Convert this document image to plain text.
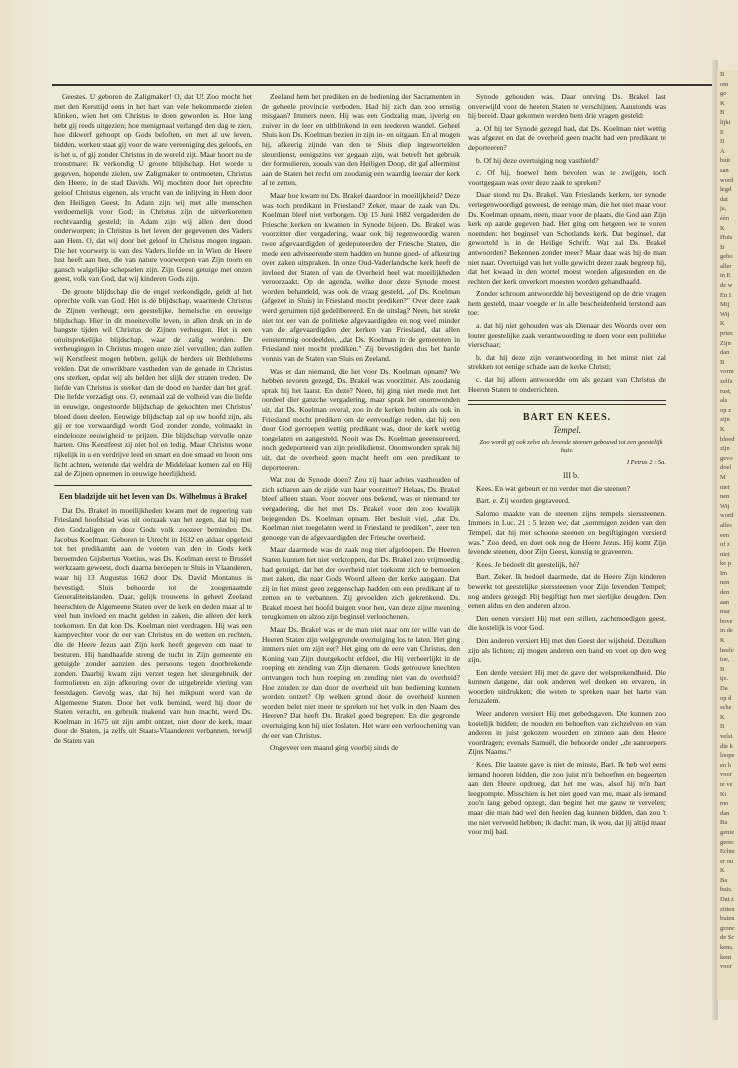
Geestes. U geboren de Zaligmaker! O, dat U! Zoo mocht het met den Kersttijd eens in het hart van vele bekommerde zielen klinken, wien het om Christus te doen geworden is. Hoe lang hebt gij reeds uitgezien; hoe menigmaal verlangd den dag te zien, hoe dikwerf gehoopt op Gods beloften, en met al uw leven, bidden, werken staat gij voor de ware vereeniging des geloofs, en is het u, of gij zonder Christus in de wereld zijt. Maar hoort nu de troostmare: Ik verkondig U groote blijdschap. Het worde u gegeven, hopende zielen, uw Zaligmaker te ontmoeten, Christus den Heere, in de stad Davids. Wij mochten door het oprechte geloof Christus eigenen, als vrucht van de inlijving in Hem door den Heiligen Geest. In Adam zijn wij met alle menschen verdoemelijk voor God; in Christus zijn de uitverkorenen rechtvaardig gesteld; in Adam zijn wij allen den dood onderworpen; in Christus is het leven der gegevenen des Vaders aan Hem. O, dat wij door het geloof in Christus mogen ingaan. Die het voorwerp is van des Vaders liefde en in Wien de Heere lust heeft aan hen, die van nature voorwerpen van Zijn toorn en gansch walgelijke schepselen zijn. Zijn Geest getuige met onzen geest, volk van God, dat wij kinderen Gods zijn.

De groote blijdschap die de engel verkondigde, geldt al het oprechte volk van God. Het is de blijdschap, waarmede Christus de Zijnen verheugt; een geestelijke, hemelsche en eeuwige blijdschap. Hier in dit moeitevolle leven, in allen druk en in de bangste tijden wil Christus de Zijnen verheugen. Het is een onuitsprekelijke blijdschap, waar de zalig worden. De verheugingen in Christus mogen onze ziel vervullen; dan zullen wij Kerstfeest mogen hebben, gelijk de herders uit Bethlehems velden. Dat de onwrikbare vastheden van de genade in Christus ons sterken, opdat wij als helden het slijk der straten treden. De liefde van Christus is sterker dan de dood en harder dan het graf. Die liefde verzadigt ons. O, eenmaal zal de volheid van die liefde in eeuwige, ongestoorde blijdschap de gekochten met Christus' bloed doen deelen. Eeuwige blijdschap zal op uw hoofd zijn, als gij er toe verwaardigd wordt God zonder zonde, volmaakt in eindelooze eeuwigheid te prijzen. Die blijdschap vervulle onze harten. Ons Kerstfeest zij niet hol en ledig. Maar Christus wone rijkelijk in u en verdrijve leed en smart en doe smaad en hoon ons licht achten, wetende dat weldra de Middelaar komen zal en Hij zal de Zijnen opnemen in eeuwige heerlijkheid.

Een bladzijde uit het leven van Ds. Wilhelmus à Brakel

Dat Ds. Brakel in moeilijkheden kwam met de regeering van Friesland hoofdstad was uit oorzaak van het zegen, dat hij met den Godzaligen en door Gods volk zoozeer beminden Ds. Jacobus Koelman. Geboren te Utrecht in 1632 en aldaar opgeleid tot het predikambt aan de voeten van den in Gods kerk beroemden Gijsbertus Voetius, was Ds. Koelman eerst te Brussel werkzaam geweest, doch daarna beroepen te Sluis in Vlaanderen, waar hij 13 Augustus 1662 door Ds. David Montanus is bevestigd. Sluis behoorde tot de zoogenaamde Generaliteitslanden. Daar, gelijk trouwens in geheel Zeeland heerschten de Algemeene Staten over de kerk en deden maar al te veel hun invloed en macht gelden in zaken, die alleen der kerk toekomen. En dat kon Ds. Koelman niet verdragen. Hij was een kampvechter voor de eer van Christus en de wetten en rechten, die de Heere Jezus aan Zijn kerk heeft gegeven om naar te besturen. Hij handhaafde streng de tucht in Zijn gemeente en getuigde zonder aanzien des persoons tegen doorbrekende zonden. Daarbij kwam zijn verzet tegen het sleurgebruik der formulieren en zijn afkeuring over de uitgebreide viering van feestdagen. Gevolg was, dat hij het mikpunt werd van de Algemeene Staten. Door het volk bemind, werd hij door de Staten veracht, en gebruik makend van hun macht, werd Ds. Koelman in 1675 uit zijn ambt ontzet, niet door de kerk, maar door de Staten, ja zelfs uit Staats-Vlaanderen verbannen, terwijl de Staten van

Zeeland hem het prediken en de bediening der Sacramenten in de geheele provincie verboden. Had hij zich dan zoo ernstig misgaan? Immers neen. Hij was een Godzalig man, ijverig en zuiver in de leer en uitblinkend in een teederen wandel. Geheel Sluis kon Ds. Koelman bezien in zijn in- en uitgaan. En al mogen hij, afkeerig zijnde van den te Sluis diep ingewortelden sleurdienst, eenigszins ver gegaan zijn, wat betreft het gebruik der formulieren, zooals van den Heiligen Doop, dit gaf allerminst aan de Staten het recht om zoodanig een waardig leeraar der kerk af te zetten.

Maar hoe kwam nu Ds. Brakel daardoor in moeilijkheid? Deze was toch predikant in Friesland? Zeker, maar de zaak van Ds. Koelman bleef niet verborgen. Op 15 Juni 1682 vergaderden de Friesche kerken en kwamen in Synode bijeen. Ds. Brakel was voorzitter dier vergadering, waar ook bij tegenwoordig waren twee afgevaardigden of gedeputeerden der Friesche Staten, die mede een adviseerende stem hadden en hunne goed- of afkeuring over zaken uitspraken. In onze Oud-Vaderlandsche kerk heeft de invloed der Staten of van de Overheid heel wat moeilijkheden veroorzaakt. Op de agenda, welke door deze Synode moest worden behandeld, was ook de vraag gesteld, „of Ds. Koelman (afgezet in Sluis) in Friesland mocht prediken?" Over deze zaak werd geruimen tijd gedelibereerd. En de uitslag? Neen, het strekt niet tot eer van de politieke afgevaardigden en nog veel minder van de afgevaardigden der kerken van Friesland, dat allen eenstemmig oordeelden, „dat Ds. Koelman in de gemeenten in Friesland niet mocht prediken." Zij bevestigden dus het harde vonnis van de Staten van Sluis en Zeeland.

Was er dan niemand, die het voor Ds. Koelman opnam? We hebben tevoren gezegd, Ds. Brakel was voorzitter. Als zoodanig sprak hij het laatst. En deze? Neen, hij ging niet mede met het oordeel dier ganzche vergadering, maar sprak het onomwonden uit, dat Ds. Koelman overal, zoo in de kerken buiten als ook in Friesland mocht prediken om de eenvoudige reden, dat hij een door God gerroepen wettig predikant was, door de kerk wettig toegelaten en aangesteld. Nooit was Ds. Koelman geeensureerd, noch gedeporteerd van zijn predikdienst. Onomwonden sprak hij uit, dat de overheid geen macht heeft om een predikant te deporteeren.

Wat zou de Synode doen? Zou zij haar advies vasthouden of zich scharen aan de zijde van haar voorzitter? Helaas, Ds. Brakel bleef alleen staan. Voor zoover ons bekend, was er niemand ter vergadering, die het met Ds. Brakel voor den zoo kwalijk bejegenden Ds. Koelman opnam. Het besluit viel, „dat Ds. Koelman niet toegelaten werd in Friesland te prediken", zeer ten genoege van de afgevaardigden der Friesche overheid.

Maar daarmede was de zaak nog niet afgeloopen. De Heeren Staten kunnen het niet verkroppen, dat Ds. Brakel zoo vrijmoedig had getuigd, dat het der overheid niet toekomt zich te bemoeien met zaken, die naar Gods Woord alleen der kerke aangaan. Dat zij in het minst geen zeggenschap hadden om een predikant af te zetten en te verbannen. Zij gevoelden zich gekrenkend. Ds. Brakel moest het hoofd buigen voor hen, van deze zijne meening terugkomen en alzoo zijn beginsel verloochenen.

Maar Ds. Brakel was er de man niet naar om ter wille van de Heeren Staten zijn welgegronde overtuiging los te laten. Het ging immers niet om zijn eer? Het ging om de eere van Christus, den Koning van Zijn duurgekocht erfdeel, die Hij verheerlijkt in de roeping en zending van Zijn dienaren. Gods getrouwe knechten ontvangen toch hun roeping en zending niet van de overheid? Hoe zouden ze dan door de overheid uit hun bediening kunnen worden ontzet? Op welken grond door de overheid kunnen worden belet niet meer te spreken tot het volk in den Naam des Heeren? Dat heeft Ds. Brakel goed begrepen. En die gegronde overtuiging kon hij niet loslaten. Het ware een verloochening van de eer van Christus.

Ongeveer een maand ging voorbij sinds de

Synode gehouden was. Daar ontving Ds. Brakel last onverwijld voor de heeren Staten te verschijnen. Aanstonds was hij bereid. Daar gekomen werden hem drie vragen gesteld:

a. Of hij ter Synode gezegd had, dat Ds. Koelman niet wettig was afgezet en dat de overheid geen macht had een predikant te deporteeren?

b. Of hij deze overtuiging nog vasthield?

c. Of hij, hoewel hem bevolen was te zwijgen, toch voortgegaan was over deze zaak te spreken?

Daar stond nu Ds. Brakel. Van Frieslands kerken, ter synode vertegenwoordigd geweest, de eenige man, die het niet maar voor Ds. Koelman opnam, neen, maar voor de plaats, die God aan Zijn kerk op aarde gegeven had. Het ging om hetgeen we te voren noemden: het beginsel van Schotlands kerk. Dat beginsel, dat geworteld is in de Heilige Schrift. Wat zal Ds. Brakel antwoorden? Bekennen zonder meer? Maar daar was hij de man niet naar. Overtuigd van het volle gewicht dezer zaak begreep hij, dat het kwaad in den wortel moest worden afgesneden en de rechten der kerk onverkort moesten worden gehandhaafd.

Zonder schroom antwoordde hij bevestigend op de drie vragen hem gesteld, maar voegde er in alle bescheidenheid terstond aan toe:

a. dat hij niet gehouden was als Dienaar des Woords over een louter geestelijke zaak verantwoording te doen voor een politieke vierschaar;

b. dat hij deze zijn verantwoording in het minst niet zal strekken tot eenige schade aan de kerke Christi;

c. dat hij alleen antwoordde om als gezant van Christus de Heeren Staten te onderrichten.

BART EN KEES.
Tempel.

Zoo wordt gij ook zelve als levende steenen gebouwd tot een geestelijk huis.

I Petrus 2 : 5a.

III b.

Kees. En wat gebeurt er nu verder met die steenen?

Bart. e. Zij worden gegraveerd.

Salomo maakte van de steenen zijns tempels sierssteenen. Immers in Luc. 21 : 5 lezen we, dat „sommigen zeiden van den Tempel, dat hij met schoone steenen en begiftigingen versierd was." Zoo deed, en doet ook nog de Heere Jezus. Hij komt Zijn levende steenen, door Zijn Geest, kunstig te graveeren.

Kees. Je bedoelt dit geestelijk, hè?

Bart. Zeker. Ik bedoel daarmede, dat de Heere Zijn kinderen bewerkt tot geestelijke sierssteenen voor Zijn levenden Tempel; nog anders gezegd: Hij begiftigt hen met sierlijke deugden. Den eenen aldus en den anderen alzoo.

Den eenen versiert Hij met een stillen, zachtmoedigen geest, die kostelijk is voor God.

Den anderen versiert Hij met den Geest der wijsheid. Dezulken zijn als lichten; zij mogen anderen een hand en voet op den weg zijn.

Een derde versiert Hij met de gave der welsprekendheid. Die kunnen datgene, dat ook anderen wel denken en ervaren, in woorden uitdrukken; die weten te spreken naar het harte van Jeruzalem.

Weer anderen versiert Hij met gebedsgaven. Die kunnen zoo kostelijk bidden; de nooden en behoeften van zichzelven en van anderen in juist gekozen woorden en zinnen aan den Heere voordragen; evenals Samuël, die behoorde onder „de aanroepers Zijns Naams."

Kees. Die laatste gave is niet de minste, Bart. Ik heb wel eens iemand hooren bidden, die zoo juist m'n behoeften en begeerten aan den Heere opdroeg, dat het me was, alsof hij m'n hart leegpompte. Misschien is het niet goed van me, maar als iemand zoo'n lang gebed opzegt, dan begint het me gauw te vervelen; maar die man had wel den heelen dag kunnen bidden, dan zou 't me niet verveeld hebben; ik dacht: man, ik wou, dat jij altijd maar voor mij bad.

B
om
ge
K
B
lijkt
E
II
A
buit
san
word
legd
dat
ja,
één
K
Huis
B
gebo
aller
in E
de w
En I
Mij
Wij
K
pries
Zijn
dan
B
vorm
zelfs
rust,
als
op z
zijn
K
bloed
zijn
gevo
doel
M
niet
nen
Wij
wortl
alles
een
of z
niet
ke p
Im
nen
den
aan
mar
bove
in de
K
heele
toe,
B
tje.
Da
op d
sche
K
B
velst
die k
loope
en h
voor
te ve
Ki
mo
dan
Ba
genie
gerec
Echte
er ou
K
Ba
huis.
Dat z
zitten
buien
gronc
de Sc
kens.
kent
voor
